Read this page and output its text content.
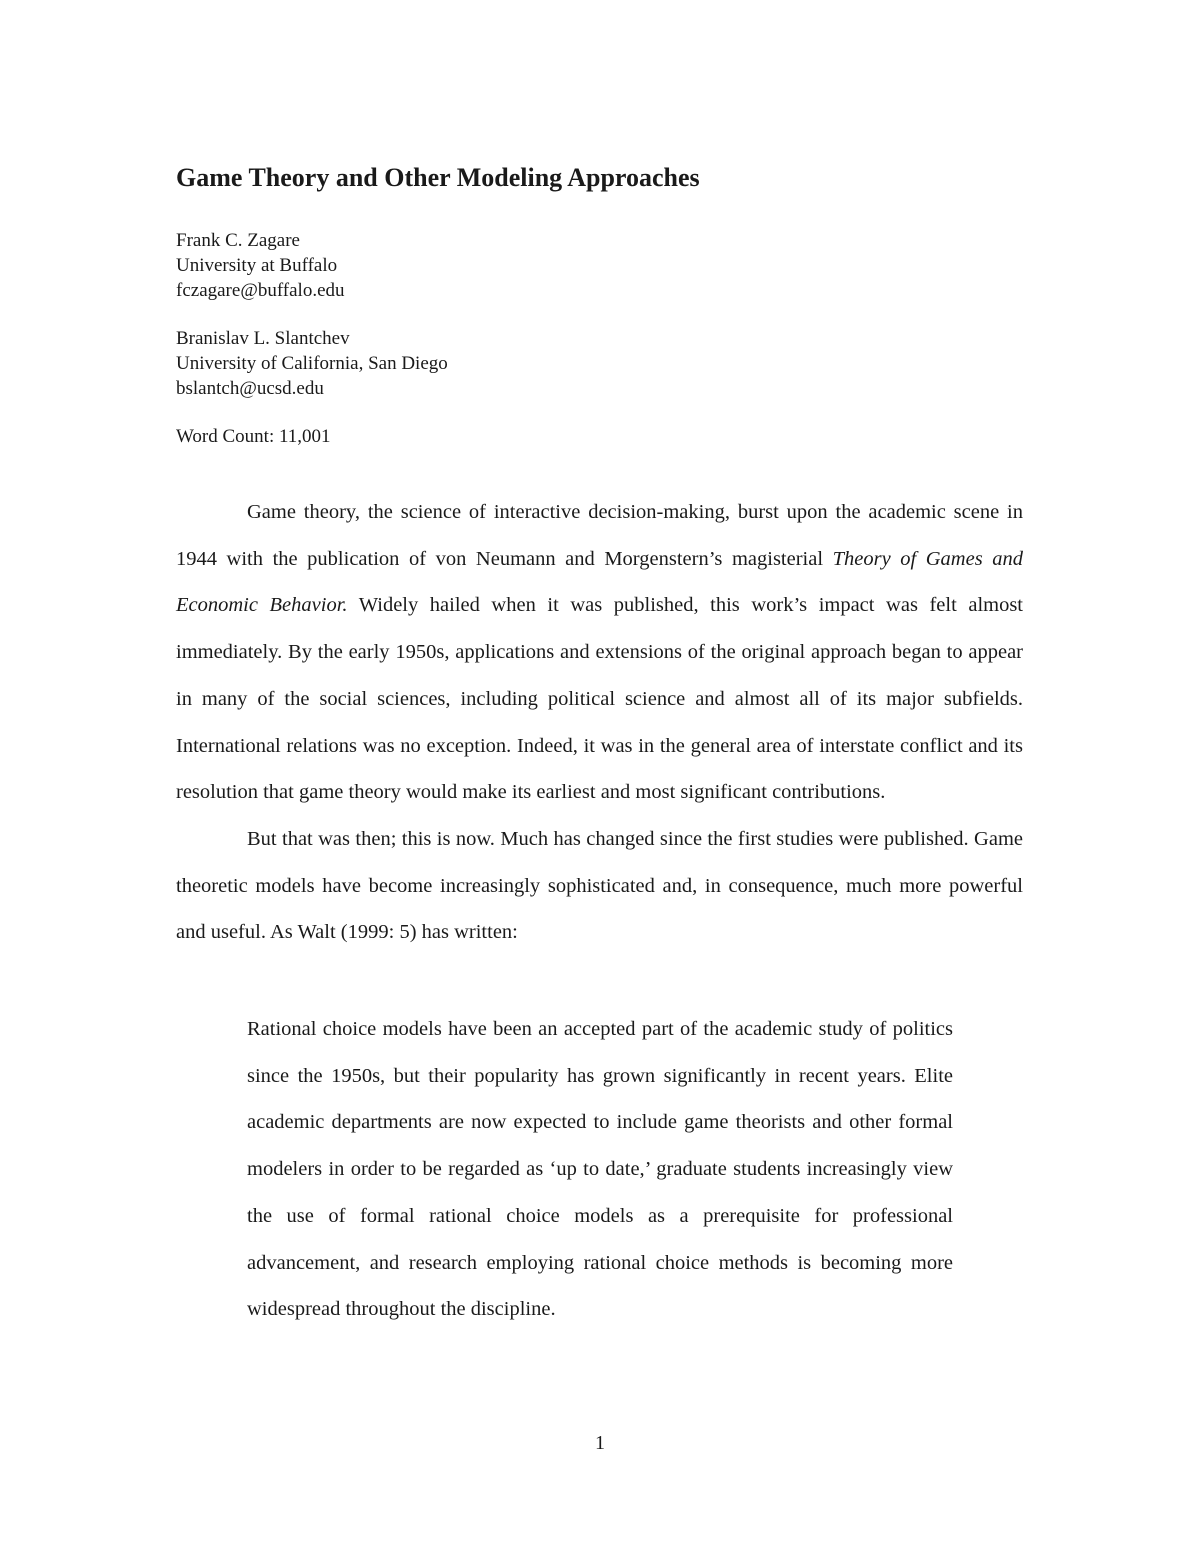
Game Theory and Other Modeling Approaches
Frank C. Zagare
University at Buffalo
fczagare@buffalo.edu
Branislav L. Slantchev
University of California, San Diego
bslantch@ucsd.edu
Word Count: 11,001

Game theory, the science of interactive decision-making, burst upon the academic scene in 1944 with the publication of von Neumann and Morgenstern’s magisterial Theory of Games and Economic Behavior. Widely hailed when it was published, this work’s impact was felt almost immediately. By the early 1950s, applications and extensions of the original approach began to appear in many of the social sciences, including political science and almost all of its major subfields. International relations was no exception. Indeed, it was in the general area of interstate conflict and its resolution that game theory would make its earliest and most significant contributions.

But that was then; this is now. Much has changed since the first studies were published. Game theoretic models have become increasingly sophisticated and, in consequence, much more powerful and useful. As Walt (1999: 5) has written:

Rational choice models have been an accepted part of the academic study of politics since the 1950s, but their popularity has grown significantly in recent years. Elite academic departments are now expected to include game theorists and other formal modelers in order to be regarded as ‘up to date,’ graduate students increasingly view the use of formal rational choice models as a prerequisite for professional advancement, and research employing rational choice methods is becoming more widespread throughout the discipline.

1
